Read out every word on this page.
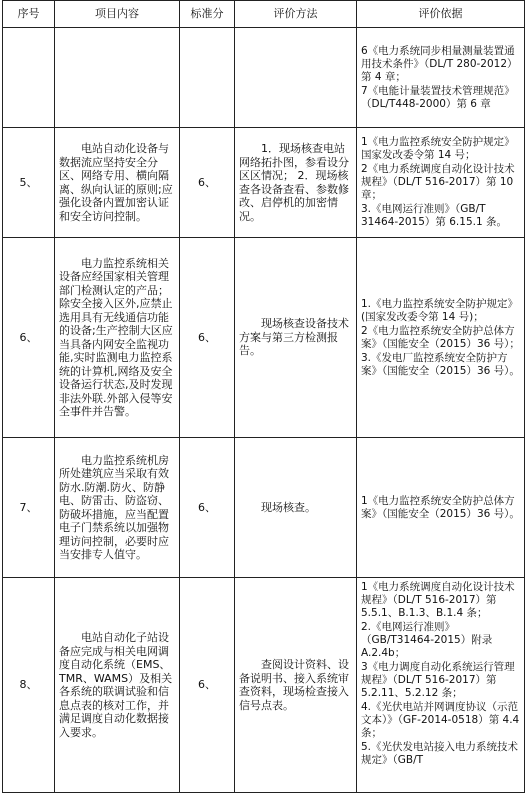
序号	项目内容	标准分	评价方法	评价依据

				6《电力系统同步相量测量装置通用技术条件》（DL/T 280-2012）第 4 章；
7《电能计量装置技术管理规范》（DL/T448-2000）第 6 章

5、	电站自动化设备与数据流应坚持安全分区、网络专用、横向隔离、纵向认证的原则;应强化设备内置加密认证和安全访问控制。	6、	1．现场核查电站网络拓扑图，参看设分区区情况； 2．现场核查各设备查看、参数修改、启停机的加密情况。	1《电力监控系统安全防护规定》国家发改委令第 14 号；
2《电力系统调度自动化设计技术规程》（DL/T 516-2017）第 10 章；
3.《电网运行准则》（GB/T 31464-2015）第 6.15.1 条。

6、	电力监控系统相关设备应经国家相关管理部门检测认定的产品；除安全接入区外,应禁止选用具有无线通信功能的设备;生产控制大区应当具备内网安全监视功能,实时监测电力监控系统的计算机,网络及安全设备运行状态,及时发现非法外联.外部入侵等安全事件并告警。	6、	现场核查设备技术方案与第三方检测报告。	1.《电力监控系统安全防护规定》(国家发改委令第 14 号)；
2《电力监控系统安全防护总体方案》（国能安全（2015）36 号）；
3.《发电厂监控系统安全防护方案》（国能安全（2015）36 号）。

7、	电力监控系统机房所处建筑应当采取有效防水.防潮.防火、防静电、防雷击、防盗窃、防破坏措施，应当配置电子门禁系统以加强物理访问控制，必要时应当安排专人值守。	6、	现场核查。	1《电力监控系统安全防护总体方案》（国能安全（2015）36 号）。

8、	电站自动化子站设备应完成与相关电网调度自动化系统（EMS、TMR、WAMS）及相关各系统的联调试验和信息点表的核对工作，并满足调度自动化数据接入要求。	6、	查阅设计资料、设备说明书、接入系统审查资料，现场检查接入信号点表。	1《电力系统调度自动化设计技术规程》（DL/T 516-2017）第 5.5.1、B.1.3、B.1.4 条；
2.《电网运行准则》（GB/T31464-2015）附录 A.2.4b；
3《电力调度自动化系统运行管理规程》（DL/T 516-2017）第 5.2.11、5.2.12 条；
4.《光伏电站并网调度协议（示范文本）》（GF-2014-0518）第 4.4 条；
5.《光伏发电站接入电力系统技术规定》（GB/T
